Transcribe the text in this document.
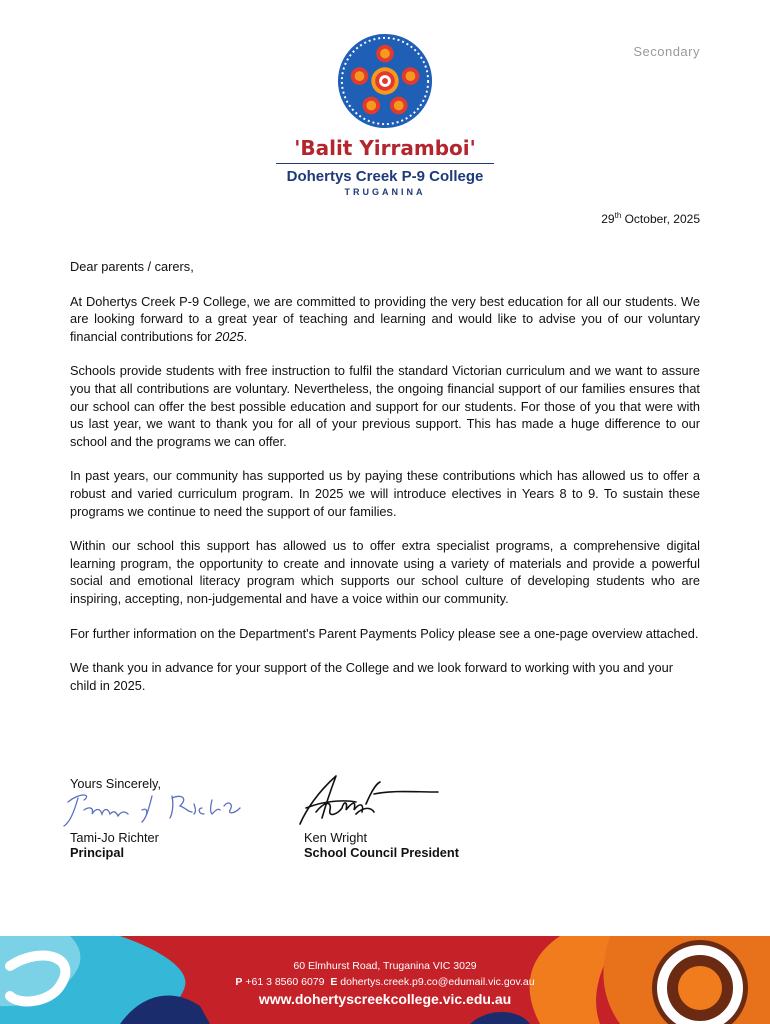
Secondary
'Balit Yirramboi'
Dohertys Creek P-9 College
TRUGANINA
29th October, 2025

Dear parents / carers,

At Dohertys Creek P-9 College, we are committed to providing the very best education for all our students. We are looking forward to a great year of teaching and learning and would like to advise you of our voluntary financial contributions for 2025.

Schools provide students with free instruction to fulfil the standard Victorian curriculum and we want to assure you that all contributions are voluntary. Nevertheless, the ongoing financial support of our families ensures that our school can offer the best possible education and support for our students. For those of you that were with us last year, we want to thank you for all of your previous support. This has made a huge difference to our school and the programs we can offer.

In past years, our community has supported us by paying these contributions which has allowed us to offer a robust and varied curriculum program. In 2025 we will introduce electives in Years 8 to 9. To sustain these programs we continue to need the support of our families.

Within our school this support has allowed us to offer extra specialist programs, a comprehensive digital learning program, the opportunity to create and innovate using a variety of materials and provide a powerful social and emotional literacy program which supports our school culture of developing students who are inspiring, accepting, non-judgemental and have a voice within our community.

For further information on the Department's Parent Payments Policy please see a one-page overview attached.

We thank you in advance for your support of the College and we look forward to working with you and your child in 2025.

Yours Sincerely,

Tami-Jo Richter
Principal
Ken Wright
School Council President
60 Elmhurst Road, Truganina VIC 3029
P +61 3 8560 6079 E dohertys.creek.p9.co@edumail.vic.gov.au
www.dohertyscreekcollege.vic.edu.au
